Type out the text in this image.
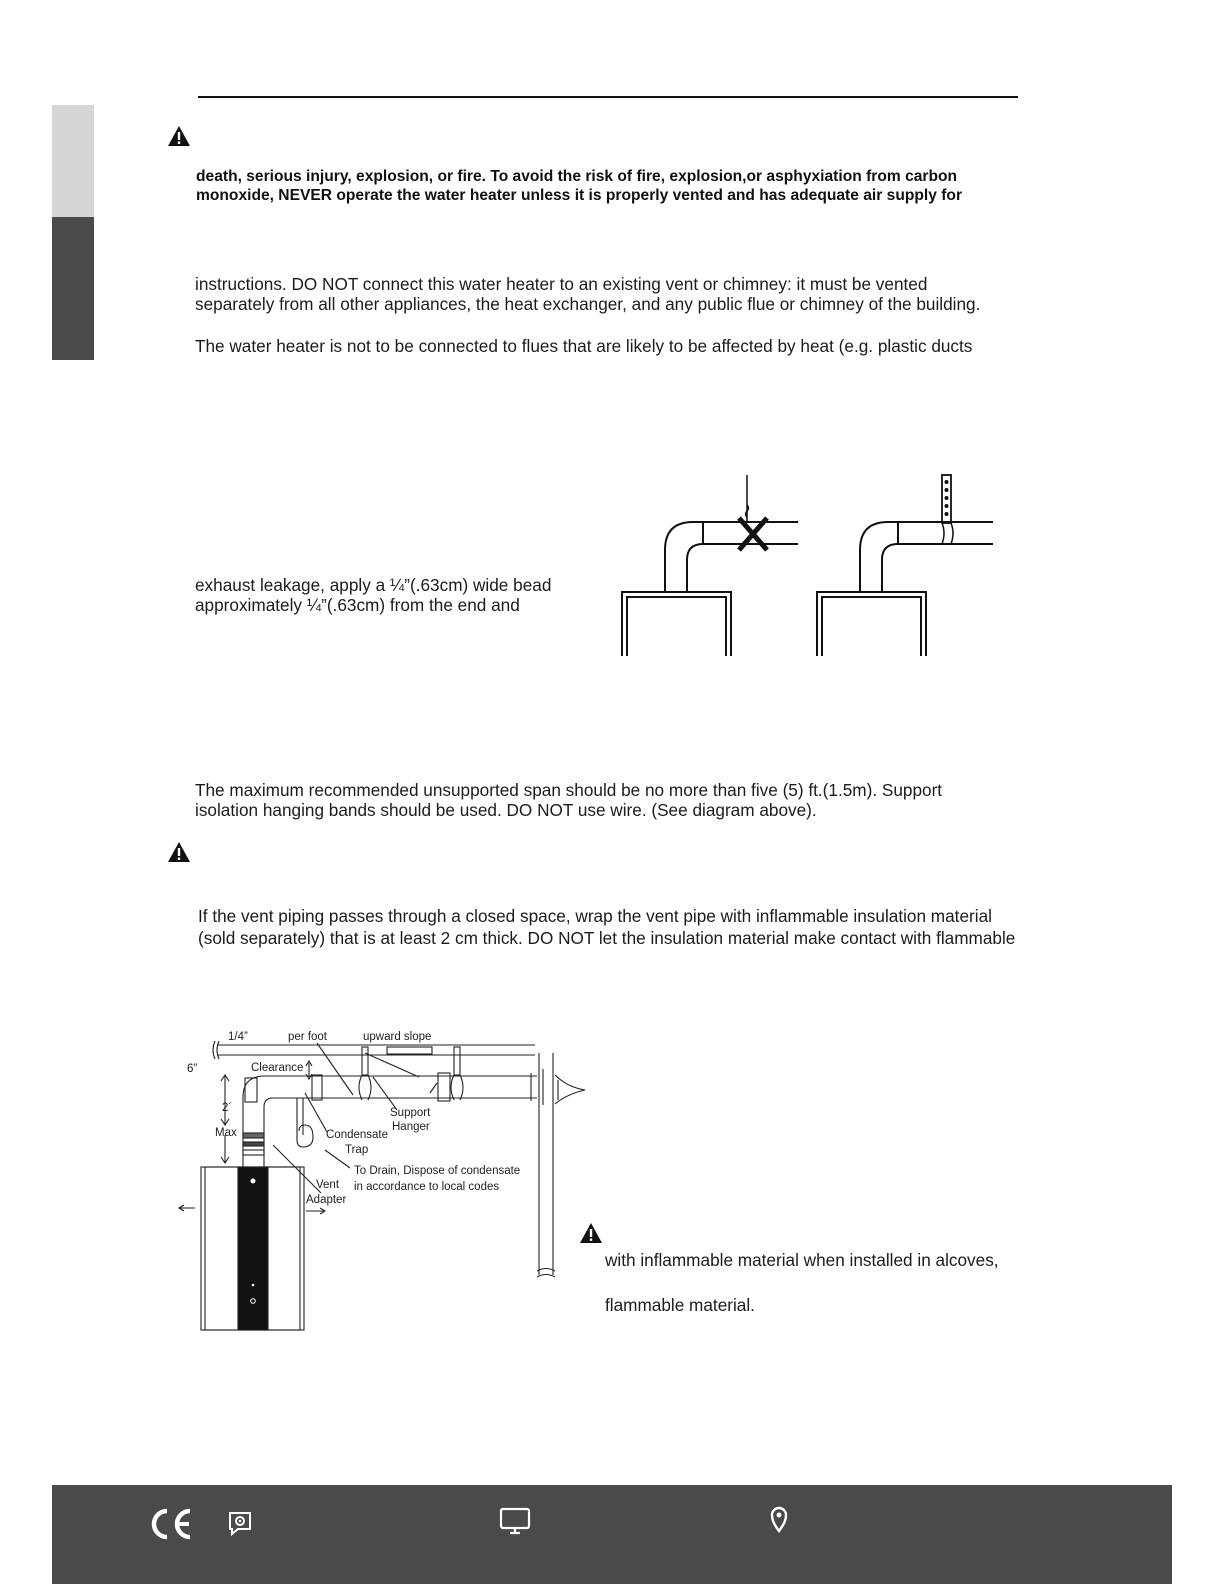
death, serious injury, explosion, or fire. To avoid the risk of fire, explosion,or asphyxiation from carbon
monoxide, NEVER operate the water heater unless it is properly vented and has adequate air supply for
instructions. DO NOT connect this water heater to an existing vent or chimney: it must be vented
separately from all other appliances, the heat exchanger, and any public flue or chimney of the building.
The water heater is not to be connected to flues that are likely to be affected by heat (e.g. plastic ducts
exhaust leakage, apply a ¼”(.63cm) wide bead
approximately ¼”(.63cm) from the end and
The maximum recommended unsupported span should be no more than five (5) ft.(1.5m). Support
isolation hanging bands should be used. DO NOT use wire. (See diagram above).
If the vent piping passes through a closed space, wrap the vent pipe with inflammable insulation material
(sold separately) that is at least 2 cm thick. DO NOT let the insulation material make contact with flammable
1/4”	per foot	upward slope
6”	Clearance
2´
Max
Support
Hanger
Condensate
Trap
To Drain, Dispose of condensate
in accordance to local codes
Vent
Adapter
with inflammable material when installed in alcoves,
flammable material.
